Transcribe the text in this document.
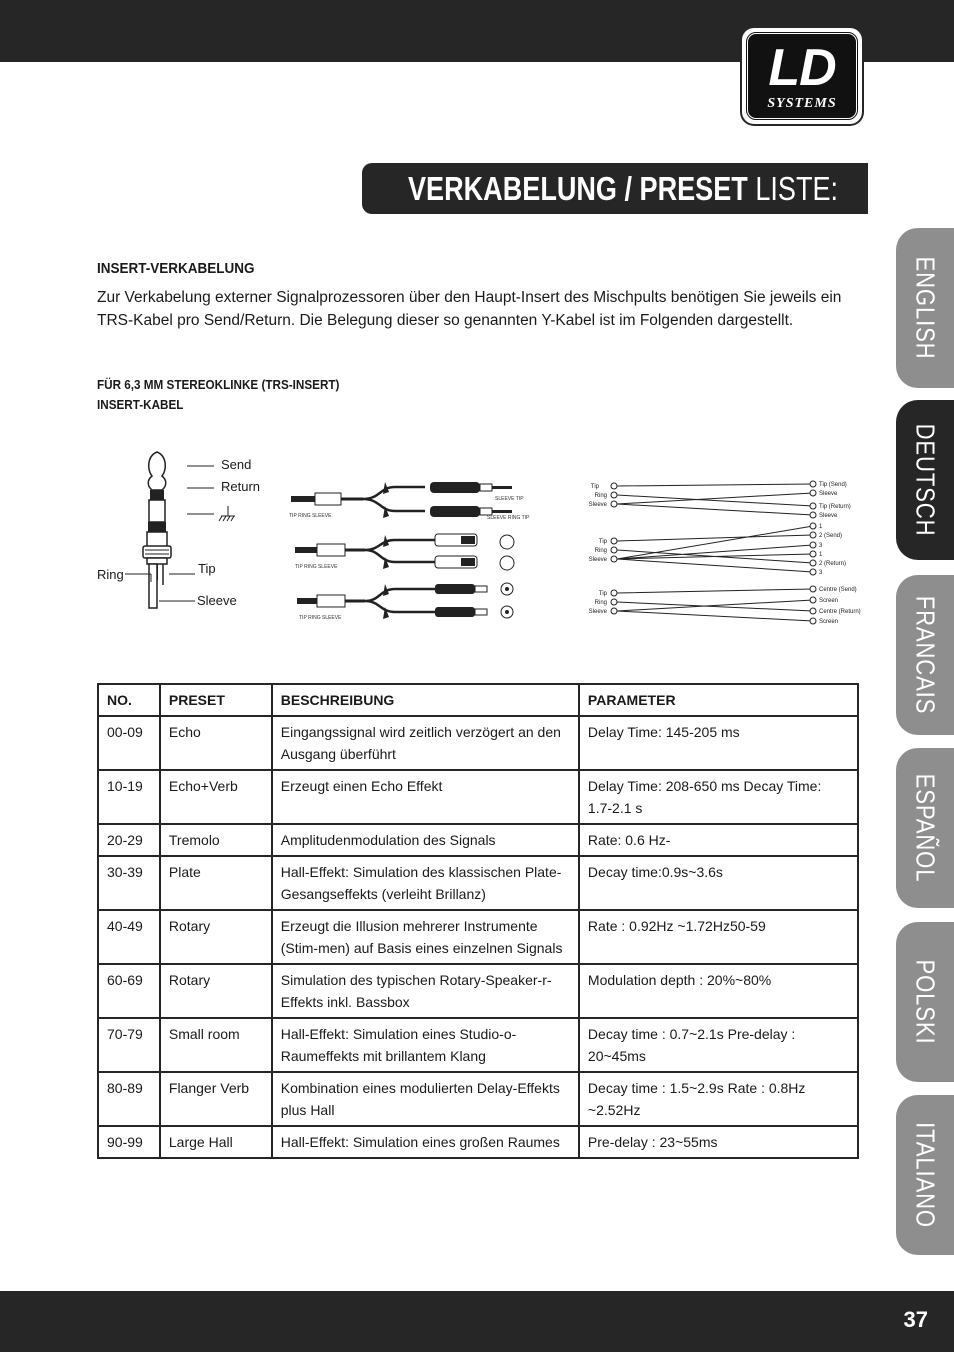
LD
SYSTEMS
VERKABELUNG / PRESET LISTE:
ENGLISH
DEUTSCH
FRANCAIS
ESPAÑOL
POLSKI
ITALIANO
INSERT-VERKABELUNG
Zur Verkabelung externer Signalprozessoren über den Haupt-Insert des Mischpults benötigen Sie jeweils ein TRS-Kabel pro Send/Return. Die Belegung dieser so genannten Y-Kabel ist im Folgenden dargestellt.
FÜR 6,3 MM STEREOKLINKE (TRS-INSERT)
INSERT-KABEL
Send
Return
Tip
Ring
Sleeve
TIP RING SLEEVE
SLEEVE TIP
SLEEVE RING TIP
TIP RING SLEEVE
TIP RING SLEEVE
Tip
Ring
Sleeve
Tip (Send)
Sleeve
Tip (Return)
Sleeve
Tip
Ring
Sleeve
1
2 (Send)
3
1
2 (Return)
3
Tip
Ring
Sleeve
Centre (Send)
Screen
Centre (Return)
Screen
NO.	PRESET	BESCHREIBUNG	PARAMETER
00-09	Echo	Eingangssignal wird zeitlich verzögert an den Ausgang überführt	Delay Time: 145-205 ms
10-19	Echo+Verb	Erzeugt einen Echo Effekt	Delay Time: 208-650 ms Decay Time: 1.7-2.1 s
20-29	Tremolo	Amplitudenmodulation des Signals	Rate: 0.6 Hz-
30-39	Plate	Hall-Effekt: Simulation des klassischen Plate-Gesangseffekts (verleiht Brillanz)	Decay time:0.9s~3.6s
40-49	Rotary	Erzeugt die Illusion mehrerer Instrumente (Stim-men) auf Basis eines einzelnen Signals	Rate : 0.92Hz ~1.72Hz50-59
60-69	Rotary	Simulation des typischen Rotary-Speaker-r-Effekts inkl. Bassbox	Modulation depth : 20%~80%
70-79	Small room	Hall-Effekt: Simulation eines Studio-o-Raumeffekts mit brillantem Klang	Decay time : 0.7~2.1s Pre-delay : 20~45ms
80-89	Flanger Verb	Kombination eines modulierten Delay-Effekts plus Hall	Decay time : 1.5~2.9s Rate : 0.8Hz ~2.52Hz
90-99	Large Hall	Hall-Effekt: Simulation eines großen Raumes	Pre-delay : 23~55ms
37
